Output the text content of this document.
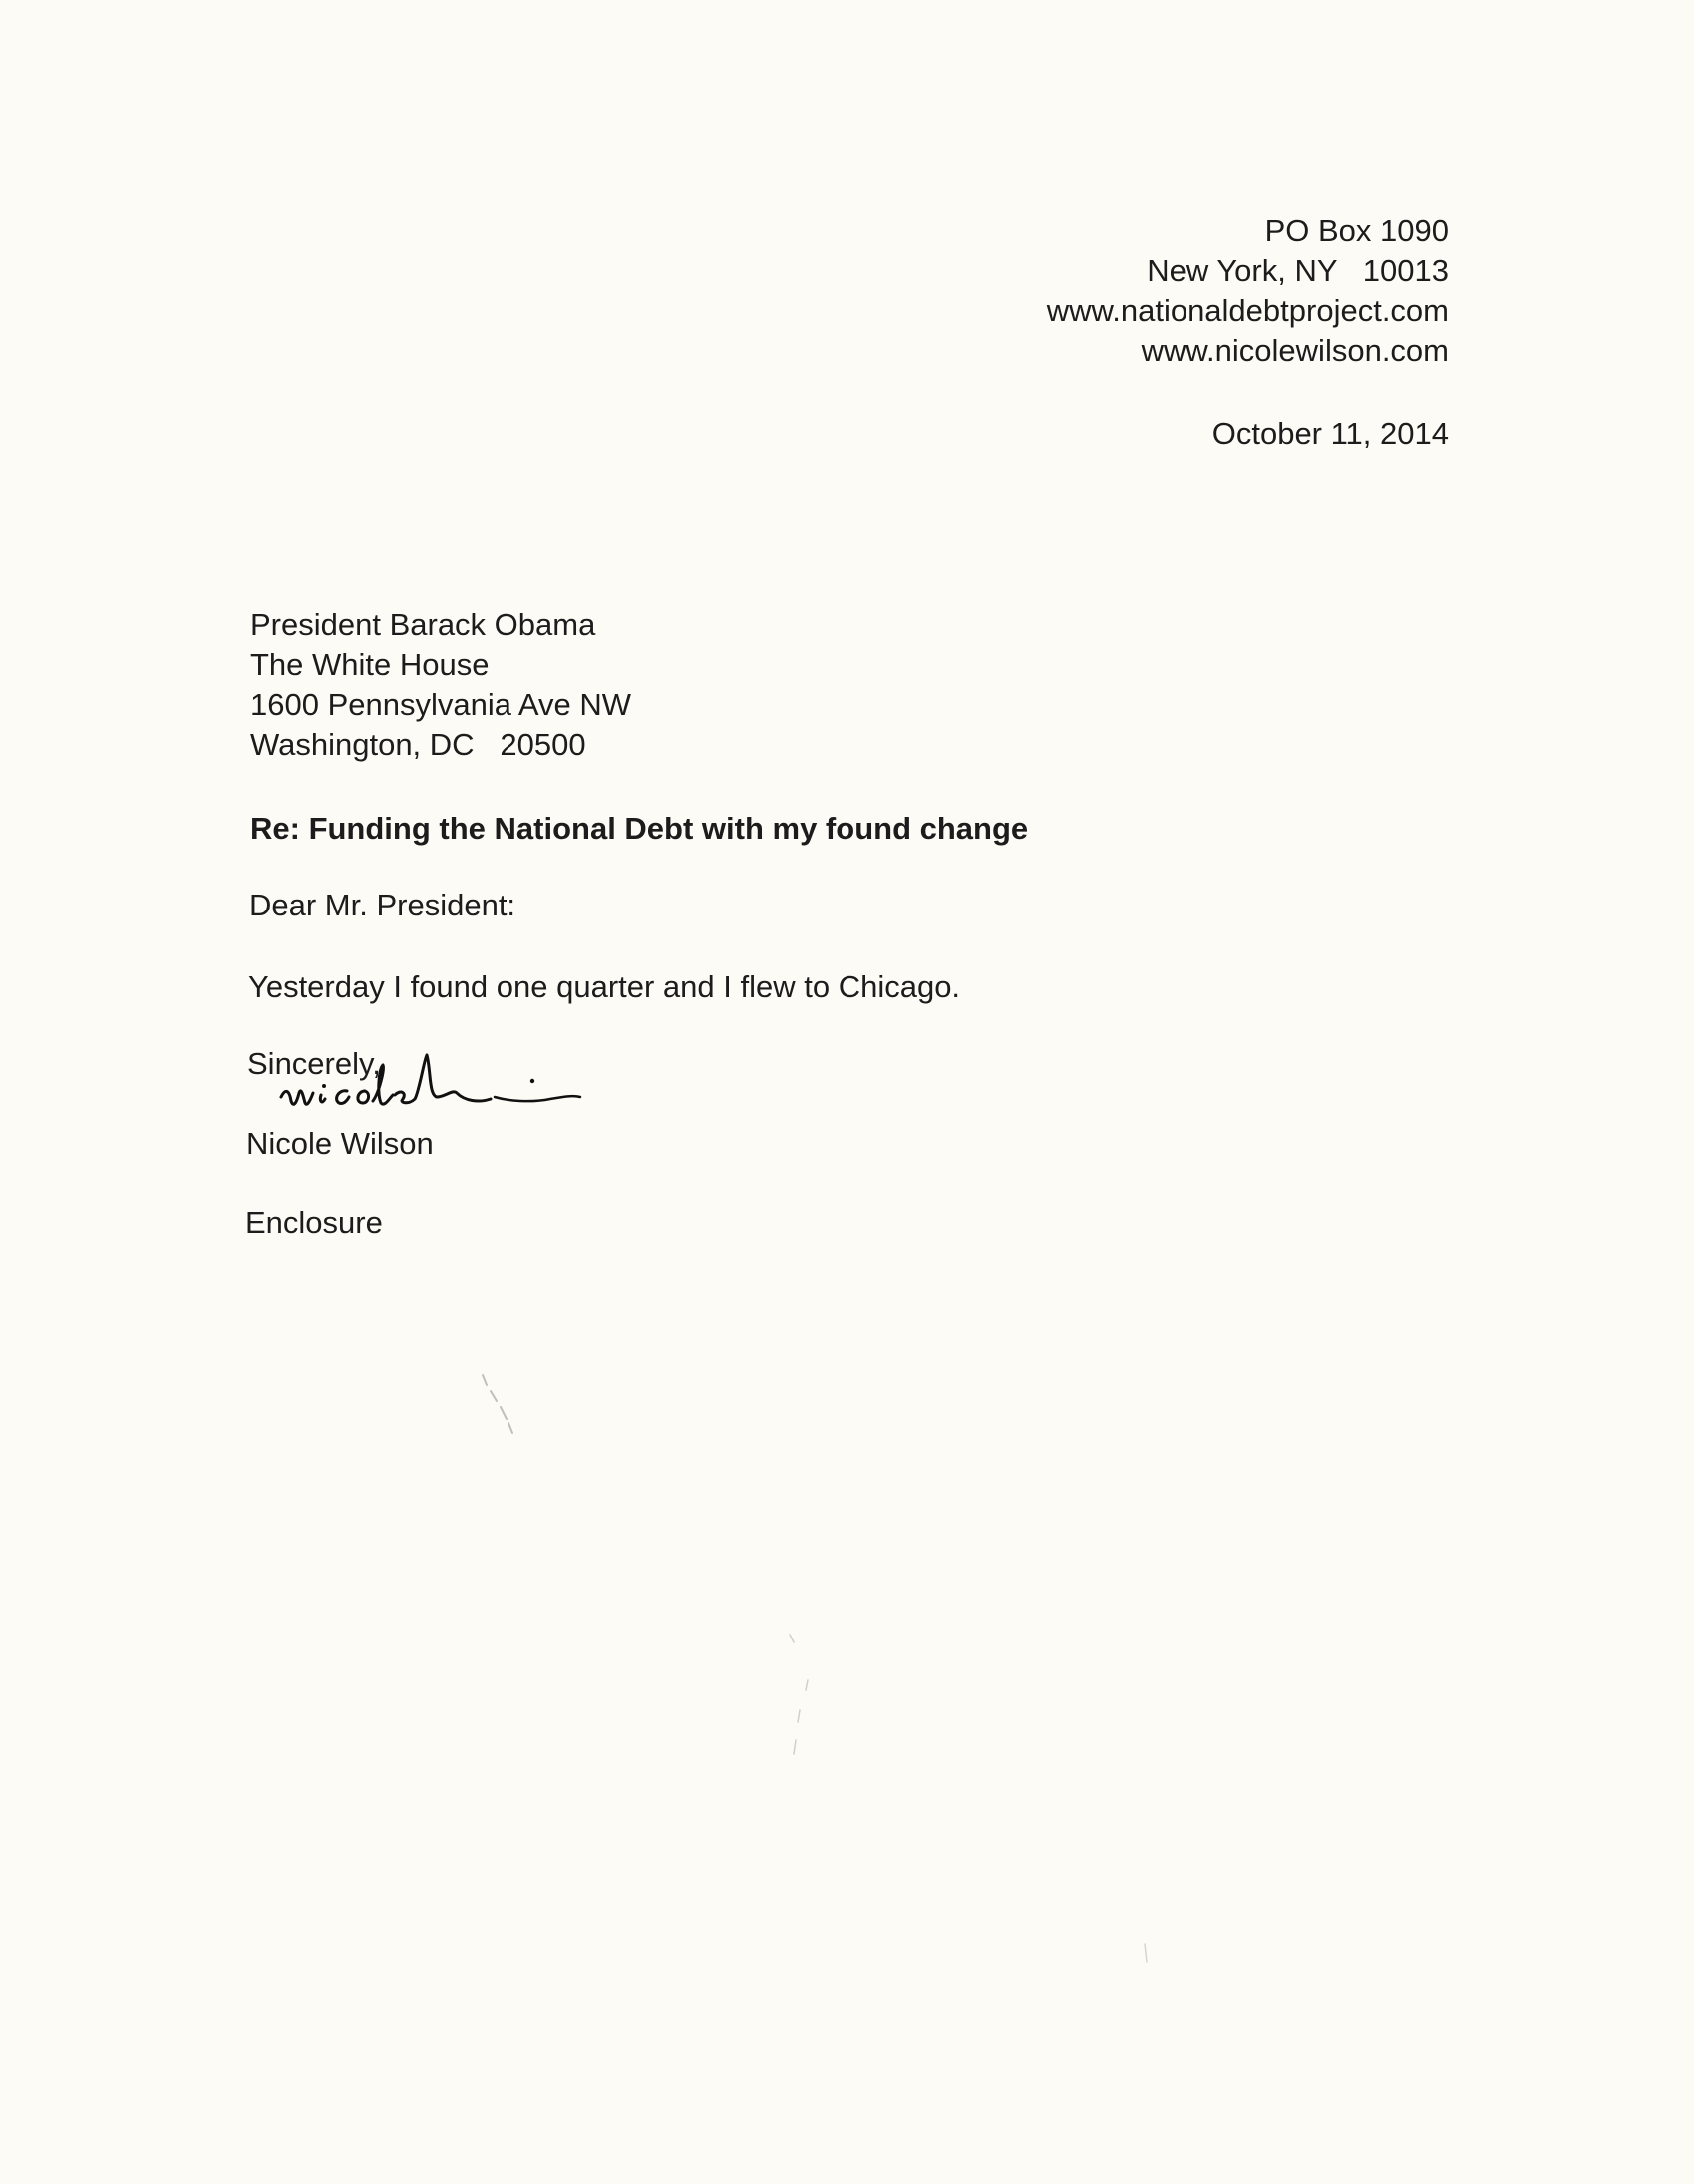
PO Box 1090
New York, NY   10013
www.nationaldebtproject.com
www.nicolewilson.com
October 11, 2014
President Barack Obama
The White House
1600 Pennsylvania Ave NW
Washington, DC   20500
Re: Funding the National Debt with my found change
Dear Mr. President:
Yesterday I found one quarter and I flew to Chicago.
Sincerely,
Nicole Wilson
Enclosure
